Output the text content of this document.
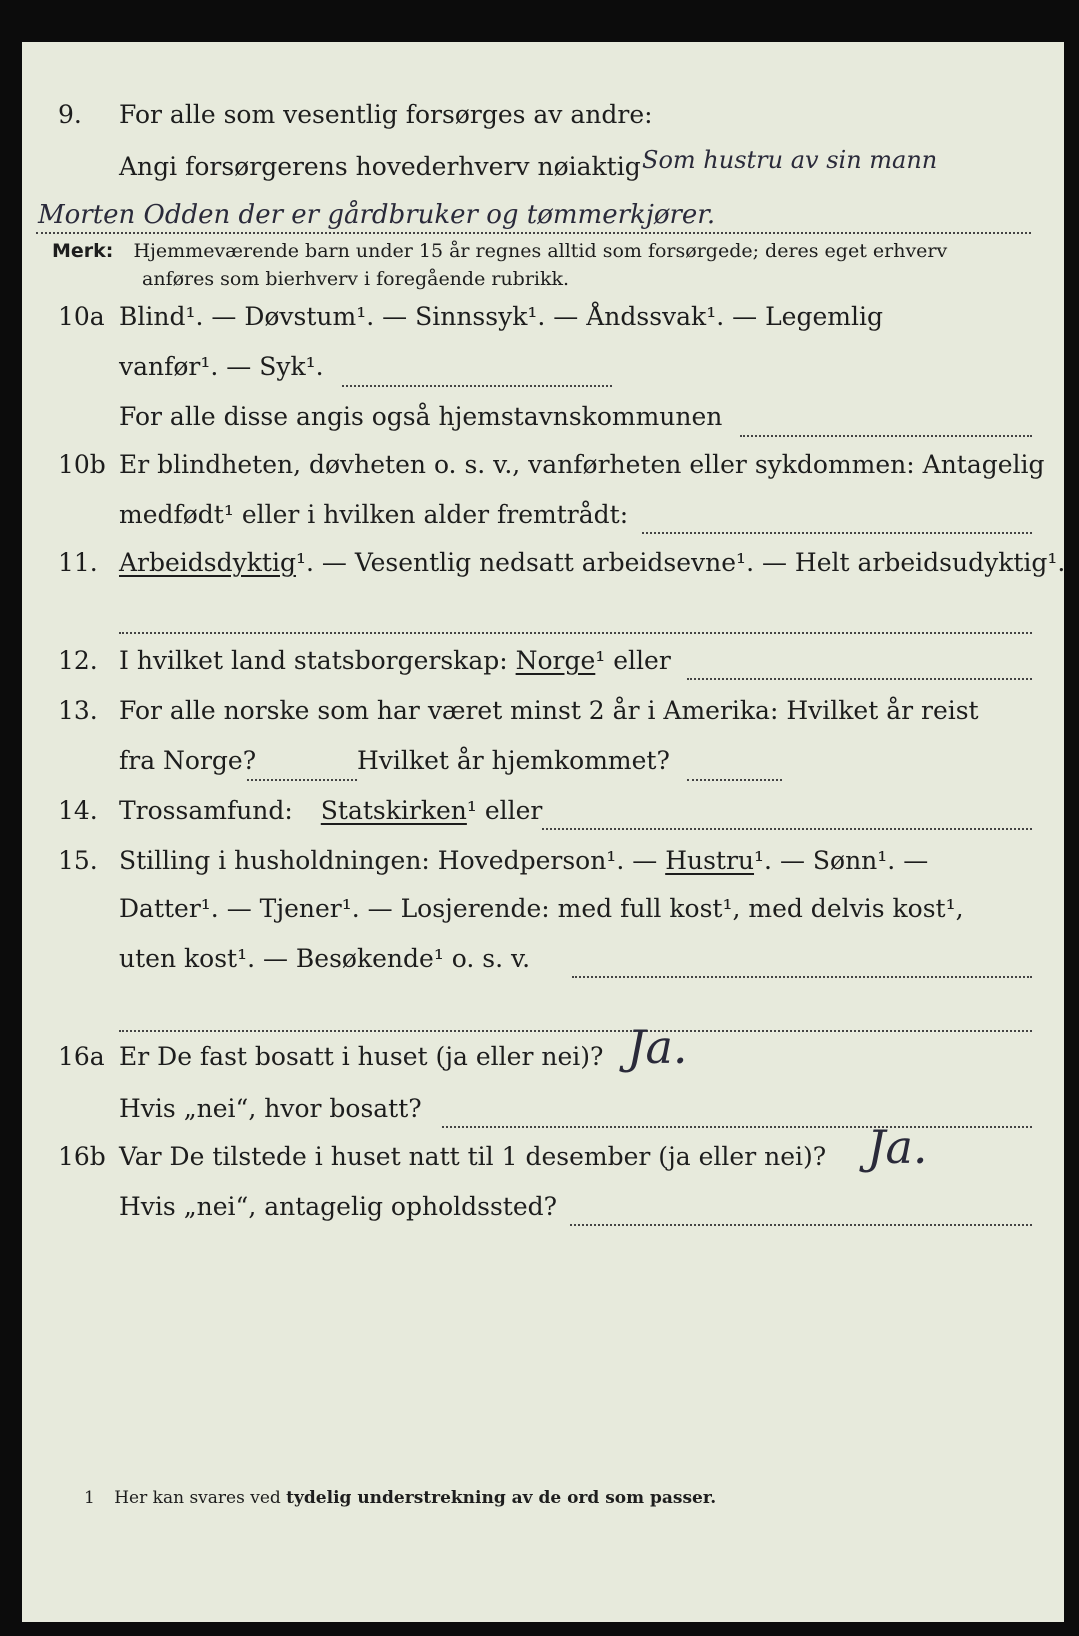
9. For alle som vesentlig forsørges av andre:
Angi forsørgerens hovederhverv nøiaktig Som hustru av sin mann
Morten Odden der er gårdbruker og tømmerkjører.
Merk: Hjemmeværende barn under 15 år regnes alltid som forsørgede; deres eget erhverv
anføres som bierhverv i foregående rubrikk.
10a Blind¹. — Døvstum¹. — Sinnssyk¹. — Åndssvak¹. — Legemlig
vanfør¹. — Syk¹.
For alle disse angis også hjemstavnskommunen
10b Er blindheten, døvheten o. s. v., vanførheten eller sykdommen: Antagelig
medfødt¹ eller i hvilken alder fremtrådt:
11. Arbeidsdyktig¹. — Vesentlig nedsatt arbeidsevne¹. — Helt arbeidsudyktig¹.
12. I hvilket land statsborgerskap: Norge¹ eller
13. For alle norske som har været minst 2 år i Amerika: Hvilket år reist
fra Norge?	Hvilket år hjemkommet?
14. Trossamfund: Statskirken¹ eller
15. Stilling i husholdningen: Hovedperson¹. — Hustru¹. — Sønn¹. —
Datter¹. — Tjener¹. — Losjerende: med full kost¹, med delvis kost¹,
uten kost¹. — Besøkende¹ o. s. v.
16a Er De fast bosatt i huset (ja eller nei)? Ja.
Hvis „nei“, hvor bosatt?
16b Var De tilstede i huset natt til 1 desember (ja eller nei)? Ja.
Hvis „nei“, antagelig opholdssted?
1 Her kan svares ved tydelig understrekning av de ord som passer.
